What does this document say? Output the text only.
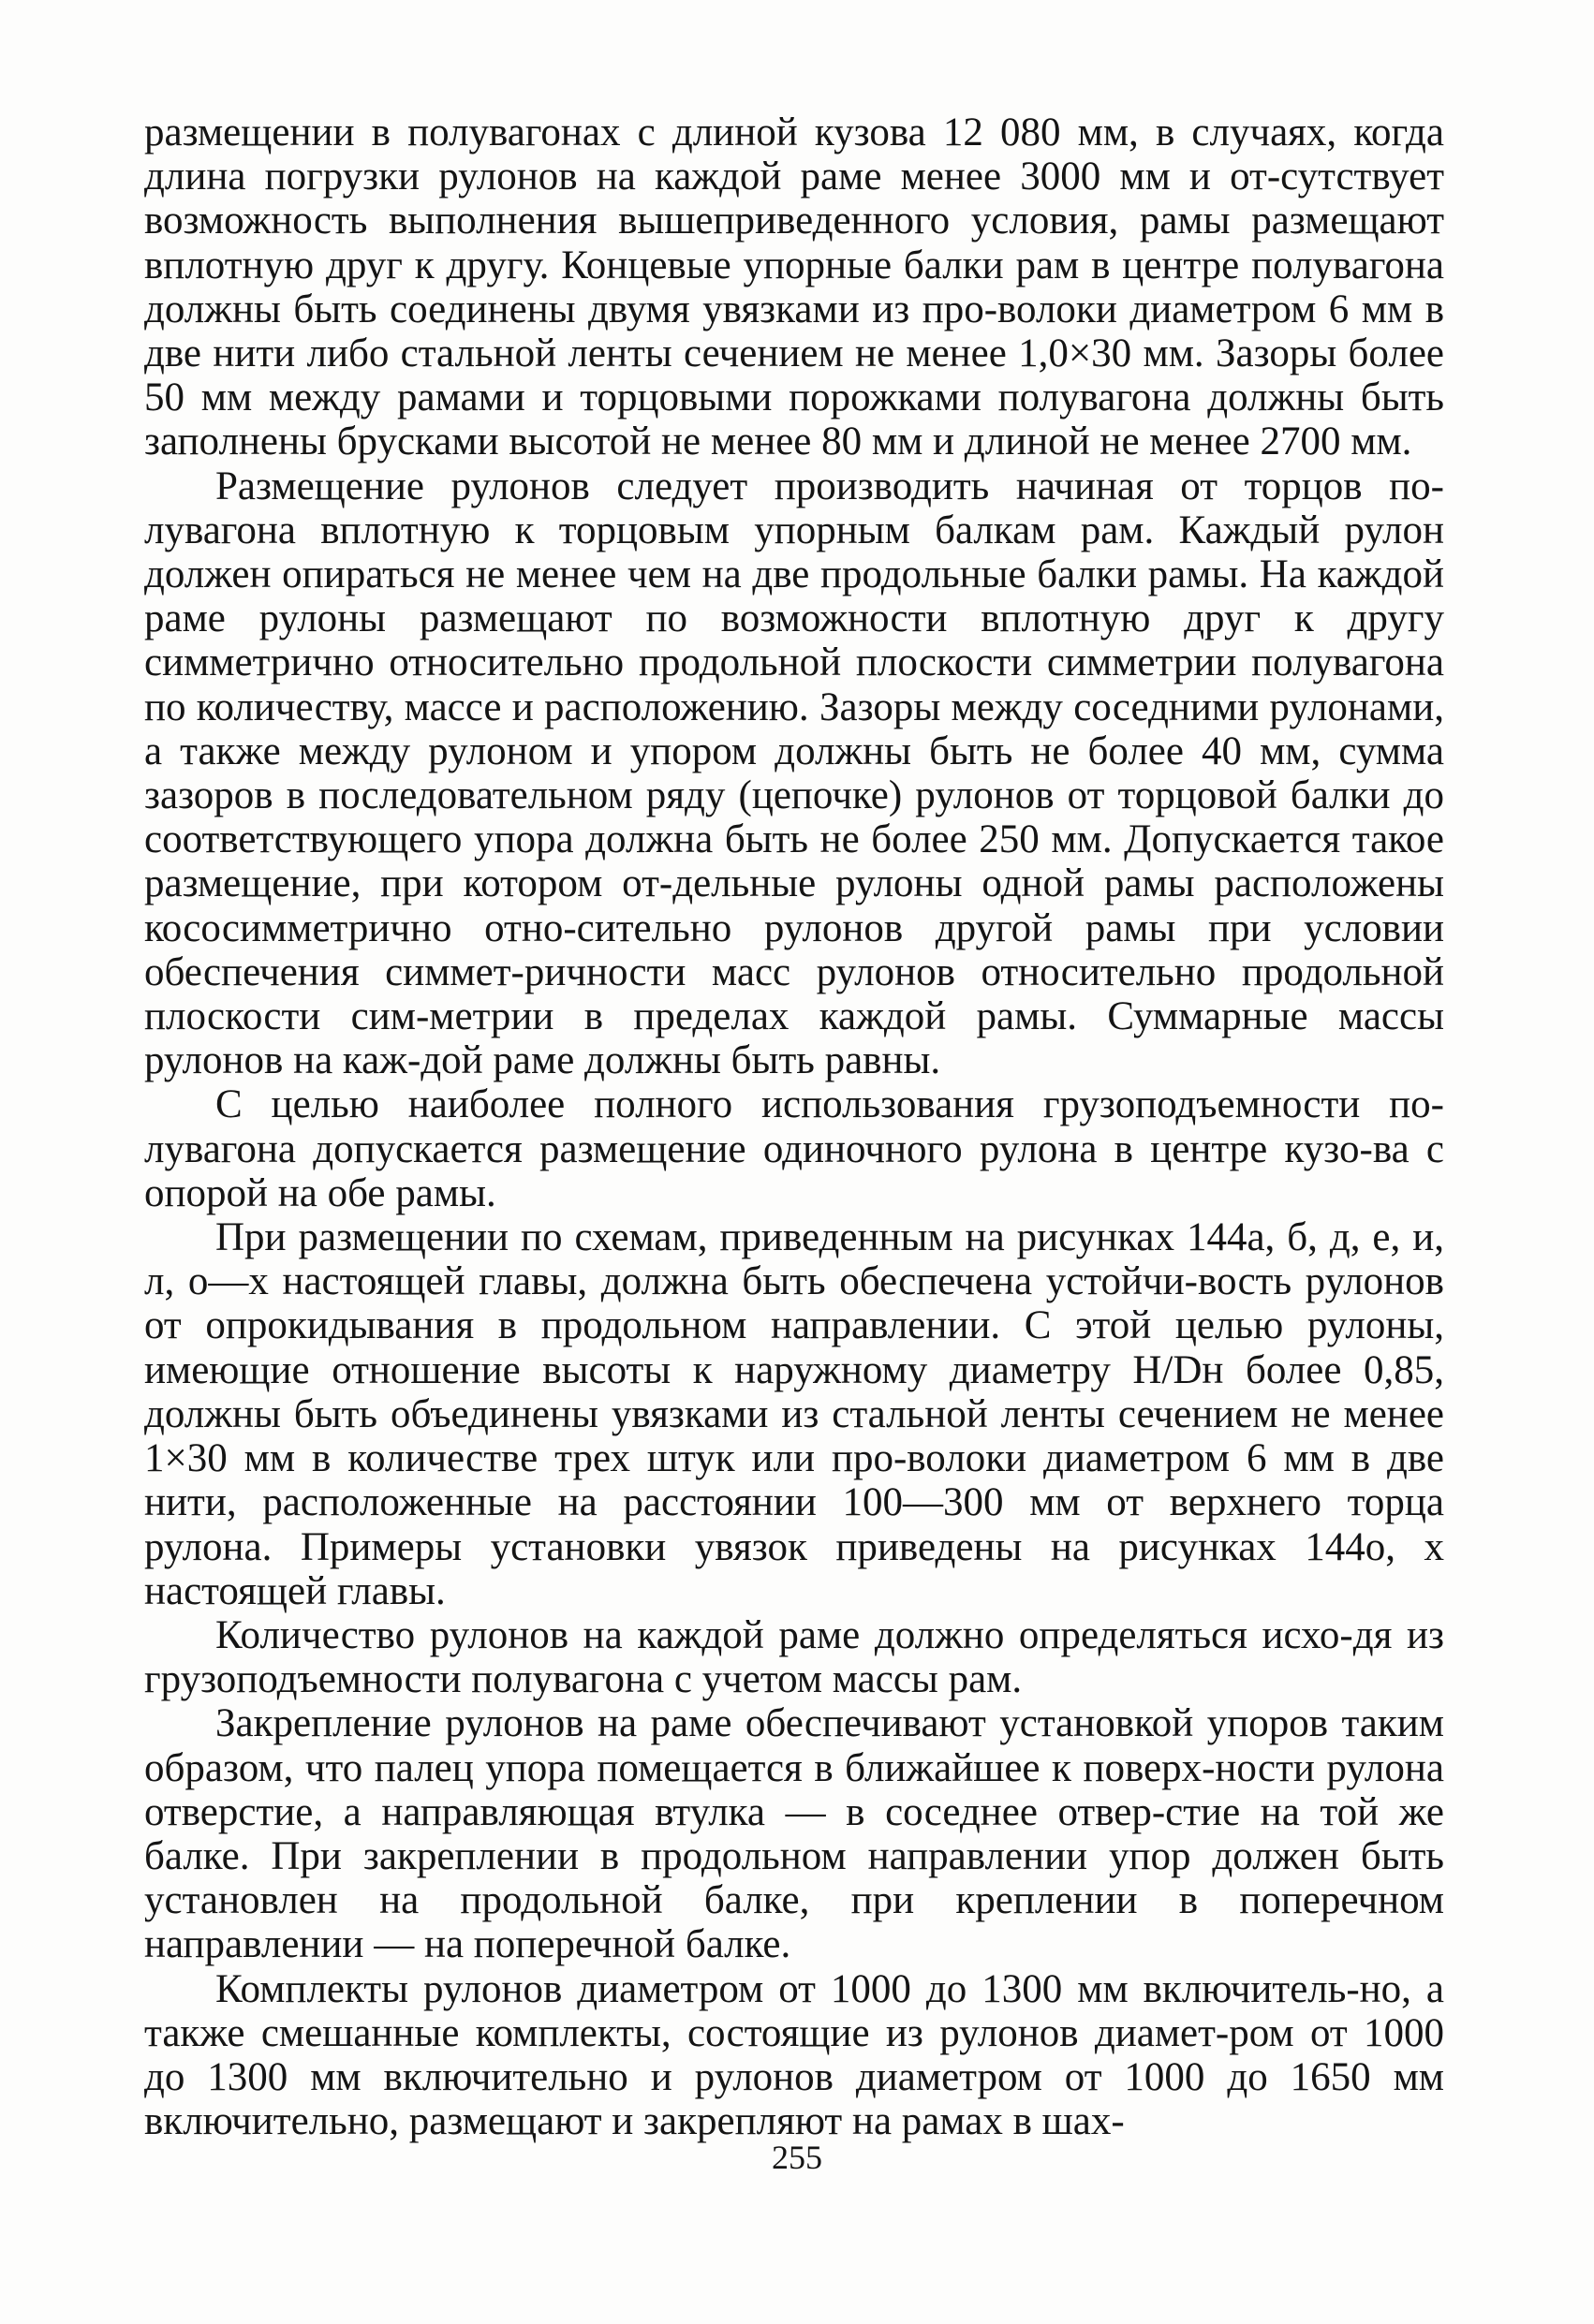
размещении в полувагонах с длиной кузова 12 080 мм, в случаях, когда длина погрузки рулонов на каждой раме менее 3000 мм и от-сутствует возможность выполнения вышеприведенного условия, рамы размещают вплотную друг к другу. Концевые упорные балки рам в центре полувагона должны быть соединены двумя увязками из про-волоки диаметром 6 мм в две нити либо стальной ленты сечением не менее 1,0×30 мм. Зазоры более 50 мм между рамами и торцовыми порожками полувагона должны быть заполнены брусками высотой не менее 80 мм и длиной не менее 2700 мм.

Размещение рулонов следует производить начиная от торцов по-лувагона вплотную к торцовым упорным балкам рам. Каждый рулон должен опираться не менее чем на две продольные балки рамы. На каждой раме рулоны размещают по возможности вплотную друг к другу симметрично относительно продольной плоскости симметрии полувагона по количеству, массе и расположению. Зазоры между соседними рулонами, а также между рулоном и упором должны быть не более 40 мм, сумма зазоров в последовательном ряду (цепочке) рулонов от торцовой балки до соответствующего упора должна быть не более 250 мм. Допускается такое размещение, при котором от-дельные рулоны одной рамы расположены кососимметрично отно-сительно рулонов другой рамы при условии обеспечения симмет-ричности масс рулонов относительно продольной плоскости сим-метрии в пределах каждой рамы. Суммарные массы рулонов на каж-дой раме должны быть равны.

С целью наиболее полного использования грузоподъемности по-лувагона допускается размещение одиночного рулона в центре кузо-ва с опорой на обе рамы.

При размещении по схемам, приведенным на рисунках 144а, б, д, е, и, л, о—х настоящей главы, должна быть обеспечена устойчи-вость рулонов от опрокидывания в продольном направлении. С этой целью рулоны, имеющие отношение высоты к наружному диаметру H/Dн более 0,85, должны быть объединены увязками из стальной ленты сечением не менее 1×30 мм в количестве трех штук или про-волоки диаметром 6 мм в две нити, расположенные на расстоянии 100—300 мм от верхнего торца рулона. Примеры установки увязок приведены на рисунках 144о, х настоящей главы.

Количество рулонов на каждой раме должно определяться исхо-дя из грузоподъемности полувагона с учетом массы рам.

Закрепление рулонов на раме обеспечивают установкой упоров таким образом, что палец упора помещается в ближайшее к поверх-ности рулона отверстие, а направляющая втулка — в соседнее отвер-стие на той же балке. При закреплении в продольном направлении упор должен быть установлен на продольной балке, при креплении в поперечном направлении — на поперечной балке.

Комплекты рулонов диаметром от 1000 до 1300 мм включитель-но, а также смешанные комплекты, состоящие из рулонов диамет-ром от 1000 до 1300 мм включительно и рулонов диаметром от 1000 до 1650 мм включительно, размещают и закрепляют на рамах в шах-

255
